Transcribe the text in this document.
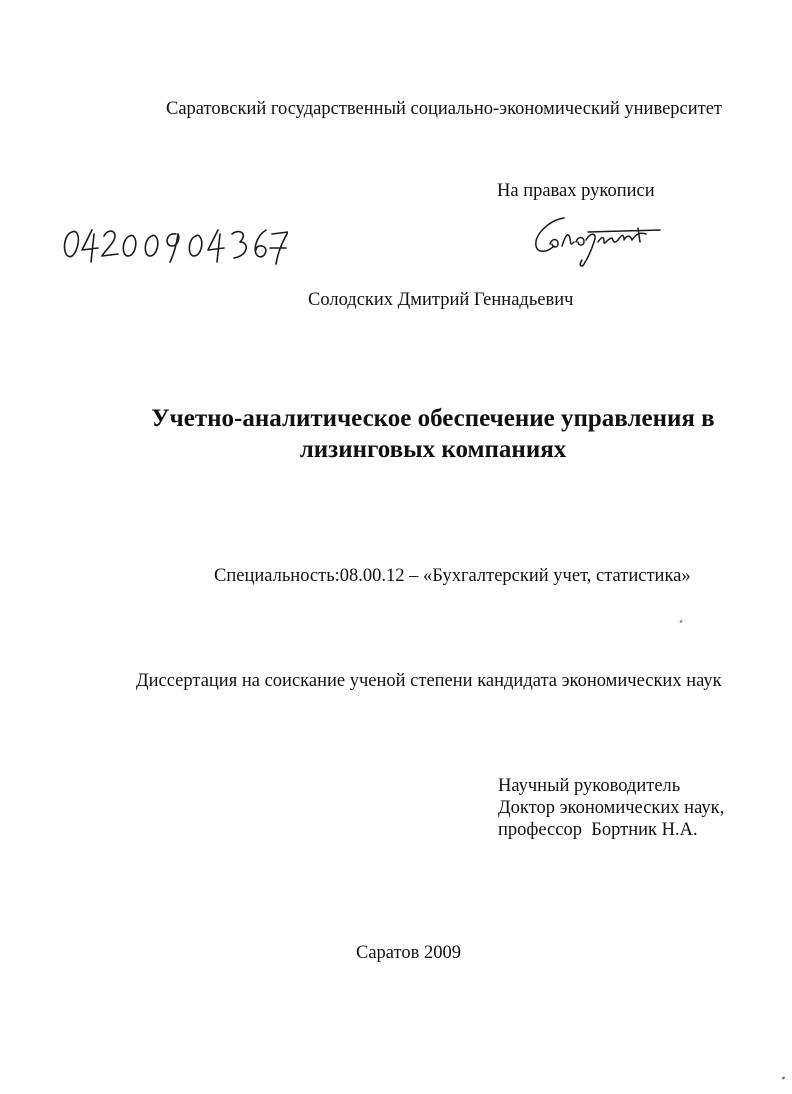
Саратовский государственный социально-экономический университет
На правах рукописи
Солодских Дмитрий Геннадьевич
Учетно-аналитическое обеспечение управления в
лизинговых компаниях
Специальность:08.00.12 – «Бухгалтерский учет, статистика»
Диссертация на соискание ученой степени кандидата экономических наук
Научный руководитель
Доктор экономических наук,
профессор  Бортник Н.А.
Саратов 2009
